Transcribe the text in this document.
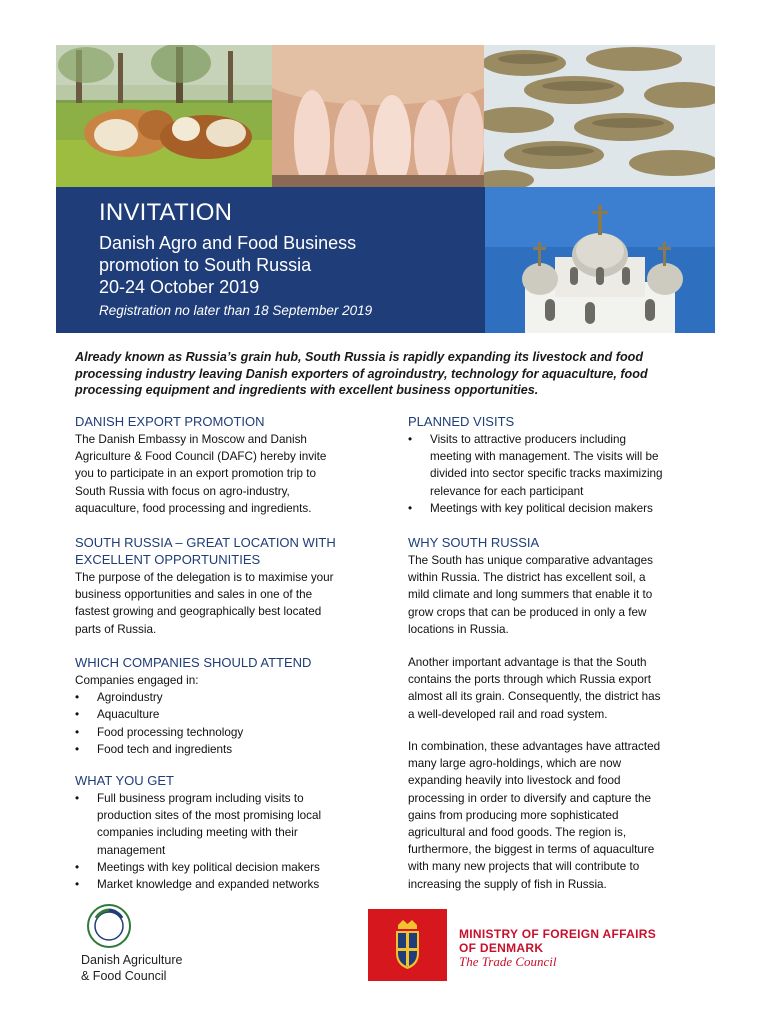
INVITATION
Danish Agro and Food Business
promotion to South Russia
20-24 October 2019
Registration no later than 18 September 2019
Already known as Russia’s grain hub, South Russia is rapidly expanding its livestock and food processing industry leaving Danish exporters of agroindustry, technology for aquaculture, food processing equipment and ingredients with excellent business opportunities.
DANISH EXPORT PROMOTION
The Danish Embassy in Moscow and Danish
Agriculture & Food Council (DAFC) hereby invite
you to participate in an export promotion trip to
South Russia with focus on agro-industry,
aquaculture, food processing and ingredients.
SOUTH RUSSIA – GREAT LOCATION WITH
EXCELLENT OPPORTUNITIES
The purpose of the delegation is to maximise your
business opportunities and sales in one of the
fastest growing and geographically best located
parts of Russia.
WHICH COMPANIES SHOULD ATTEND
Companies engaged in:
• Agroindustry
• Aquaculture
• Food processing technology
• Food tech and ingredients
WHAT YOU GET
• Full business program including visits to
production sites of the most promising local
companies including meeting with their
management
• Meetings with key political decision makers
• Market knowledge and expanded networks
PLANNED VISITS
• Visits to attractive producers including
meeting with management. The visits will be
divided into sector specific tracks maximizing
relevance for each participant
• Meetings with key political decision makers
WHY SOUTH RUSSIA
The South has unique comparative advantages
within Russia. The district has excellent soil, a
mild climate and long summers that enable it to
grow crops that can be produced in only a few
locations in Russia.
Another important advantage is that the South
contains the ports through which Russia export
almost all its grain. Consequently, the district has
a well-developed rail and road system.
In combination, these advantages have attracted
many large agro-holdings, which are now
expanding heavily into livestock and food
processing in order to diversify and capture the
gains from producing more sophisticated
agricultural and food goods. The region is,
furthermore, the biggest in terms of aquaculture
with many new projects that will contribute to
increasing the supply of fish in Russia.
Danish Agriculture
& Food Council
MINISTRY OF FOREIGN AFFAIRS
OF DENMARK
The Trade Council
